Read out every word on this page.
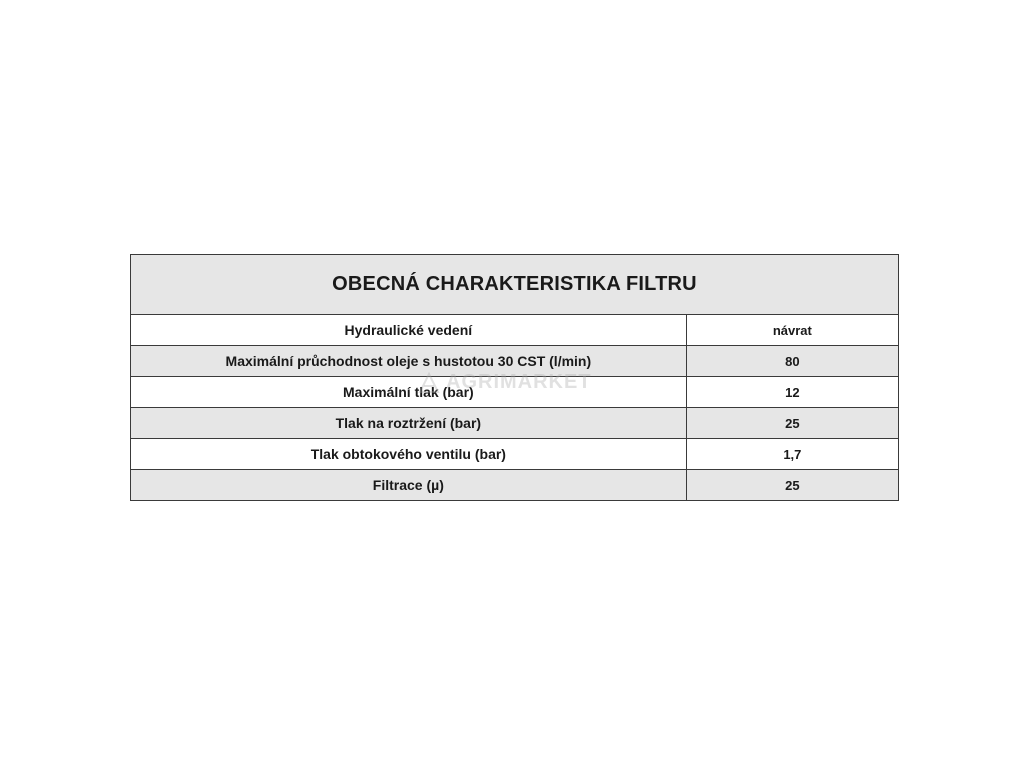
OBECNÁ CHARAKTERISTIKA FILTRU	
Hydraulické vedení	návrat
Maximální průchodnost oleje s hustotou 30 CST (l/min)	80
Maximální tlak (bar)	12
Tlak na roztržení (bar)	25
Tlak obtokového ventilu (bar)	1,7
Filtrace (µ)	25
AGRIMARKET
